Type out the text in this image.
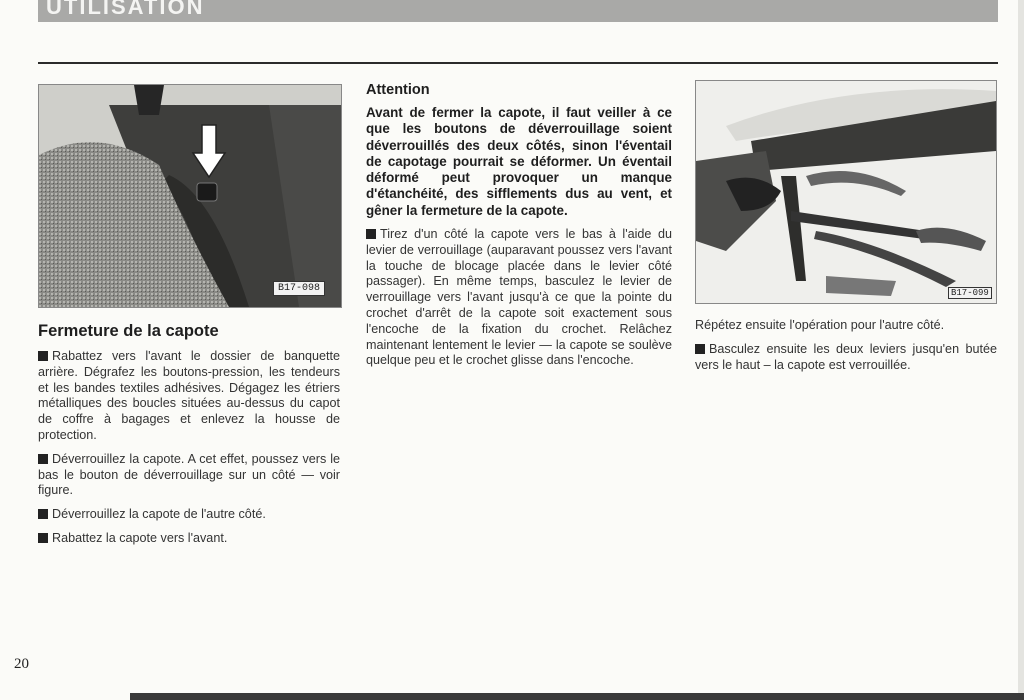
UTILISATION
B17-098
Fermeture de la capote

Rabattez vers l'avant le dossier de banquette arrière. Dégrafez les boutons-pression, les tendeurs et les bandes textiles adhésives. Dégagez les étriers métalliques des boucles situées au-dessus du capot de coffre à bagages et enlevez la housse de protection.

Déverrouillez la capote. A cet effet, poussez vers le bas le bouton de déverrouillage sur un côté — voir figure.

Déverrouillez la capote de l'autre côté.

Rabattez la capote vers l'avant.

Attention

Avant de fermer la capote, il faut veiller à ce que les boutons de déverrouillage soient déverrouillés des deux côtés, sinon l'éventail de capotage pourrait se déformer. Un éventail déformé peut provoquer un manque d'étanchéité, des sifflements dus au vent, et gêner la fermeture de la capote.

Tirez d'un côté la capote vers le bas à l'aide du levier de verrouillage (auparavant poussez vers l'avant la touche de blocage placée dans le levier côté passager). En même temps, basculez le levier de verrouillage vers l'avant jusqu'à ce que la pointe du crochet d'arrêt de la capote soit exactement sous l'encoche de la fixation du crochet. Relâchez maintenant lentement le levier — la capote se soulève quelque peu et le crochet glisse dans l'encoche.

B17-099

Répétez ensuite l'opération pour l'autre côté.

Basculez ensuite les deux leviers jusqu'en butée vers le haut – la capote est verrouillée.

20
